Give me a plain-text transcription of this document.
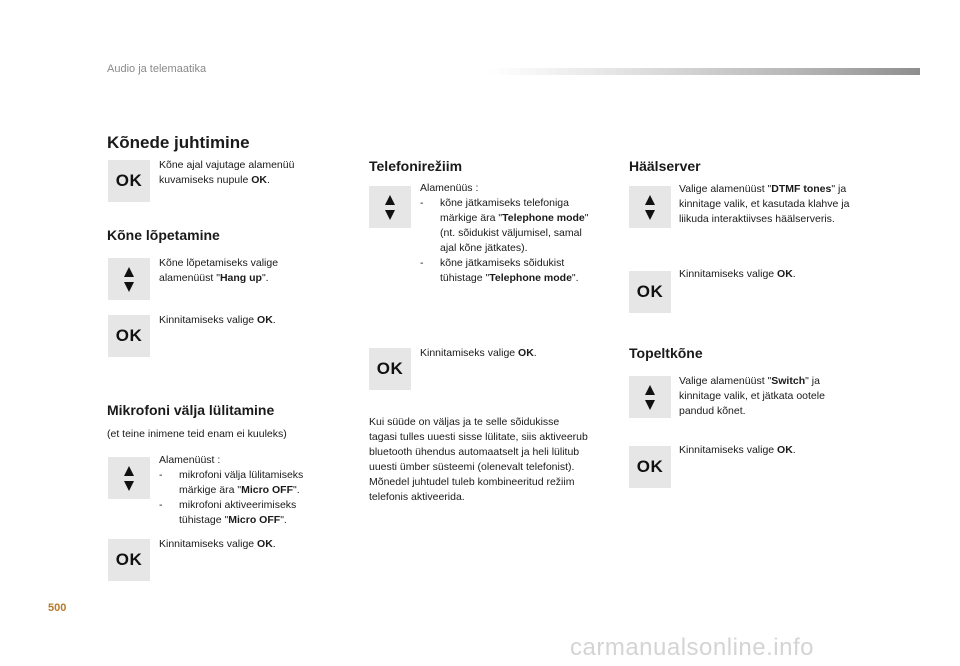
Audio ja telemaatika
Kõnede juhtimine
OK
Kõne ajal vajutage alamenüü
kuvamiseks nupule OK.
Kõne lõpetamine
Kõne lõpetamiseks valige
alamenüüst "Hang up".
OK
Kinnitamiseks valige OK.
Mikrofoni välja lülitamine
(et teine inimene teid enam ei kuuleks)
Alamenüüst :
- mikrofoni välja lülitamiseks
märkige ära "Micro OFF".
- mikrofoni aktiveerimiseks
tühistage "Micro OFF".
OK
Kinnitamiseks valige OK.
Telefonirežiim
Alamenüüs :
- kõne jätkamiseks telefoniga
märkige ära "Telephone mode"
(nt. sõidukist väljumisel, samal
ajal kõne jätkates).
- kõne jätkamiseks sõidukist
tühistage "Telephone mode".
OK
Kinnitamiseks valige OK.
Kui süüde on väljas ja te selle sõidukisse
tagasi tulles uuesti sisse lülitate, siis aktiveerub
bluetooth ühendus automaatselt ja heli lülitub
uuesti ümber süsteemi (olenevalt telefonist).
Mõnedel juhtudel tuleb kombineeritud režiim
telefonis aktiveerida.
Häälserver
Valige alamenüüst "DTMF tones" ja
kinnitage valik, et kasutada klahve ja
liikuda interaktiivses häälserveris.
OK
Kinnitamiseks valige OK.
Topeltkõne
Valige alamenüüst "Switch" ja
kinnitage valik, et jätkata ootele
pandud kõnet.
OK
Kinnitamiseks valige OK.
500
carmanualsonline.info
